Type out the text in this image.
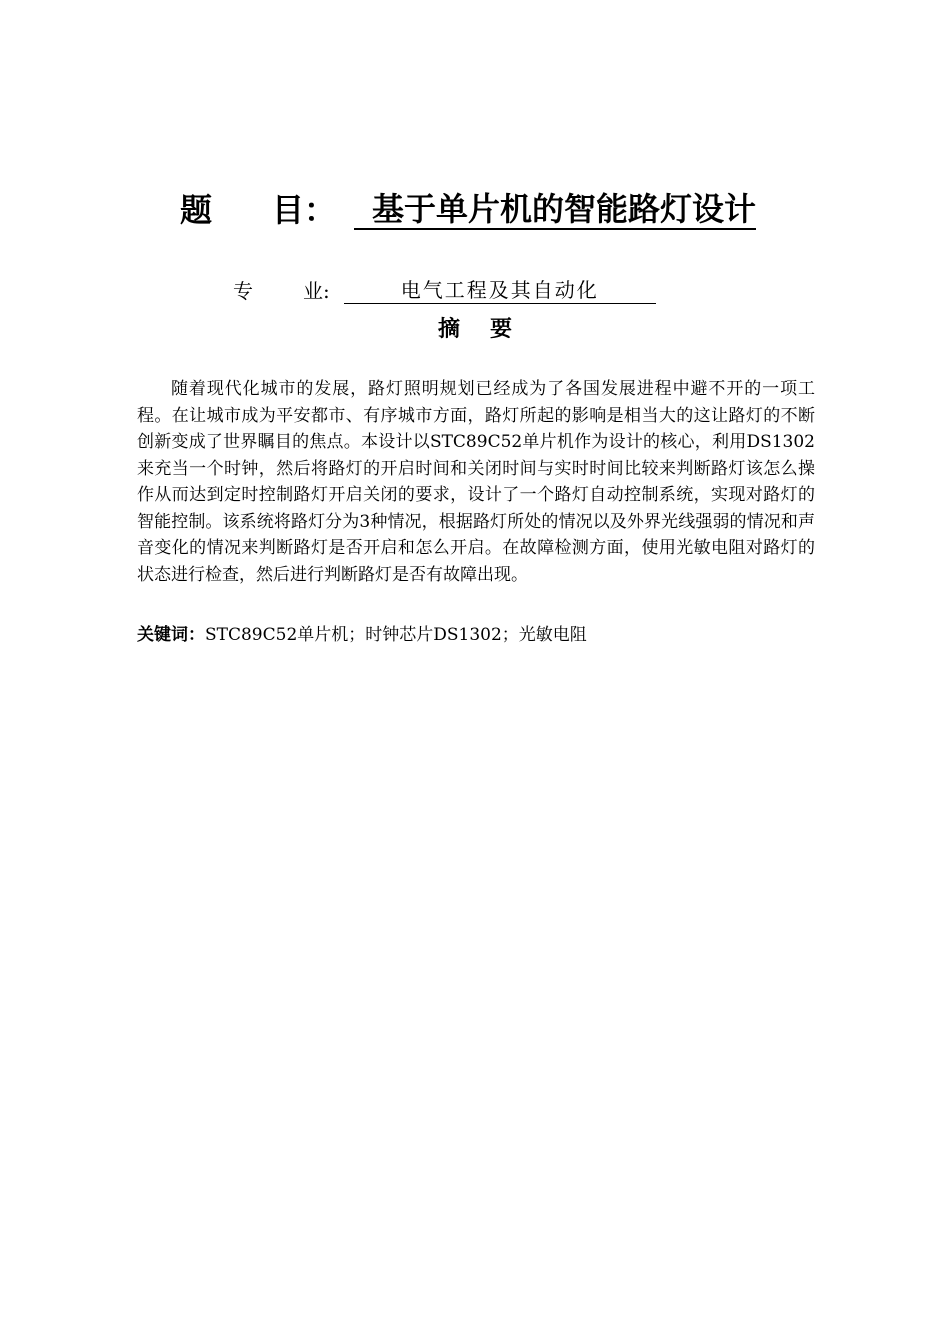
题 目 ：	基于单片机的智能路灯设计
专	业 :	电气工程及其自动化
摘 要

随着现代化城市的发展，路灯照明规划已经成为了各国发展进程中避不开的一项工程。在让城市成为平安都市、有序城市方面，路灯所起的影响是相当大的这让路灯的不断创新变成了世界瞩目的焦点。本设计以STC89C52单片机作为设计的核心，利用DS1302来充当一个时钟，然后将路灯的开启时间和关闭时间与实时时间比较来判断路灯该怎么操作从而达到定时控制路灯开启关闭的要求，设计了一个路灯自动控制系统，实现对路灯的智能控制。该系统将路灯分为3种情况，根据路灯所处的情况以及外界光线强弱的情况和声音变化的情况来判断路灯是否开启和怎么开启。在故障检测方面，使用光敏电阻对路灯的状态进行检查，然后进行判断路灯是否有故障出现。

关键词：STC89C52单片机；时钟芯片DS1302；光敏电阻
